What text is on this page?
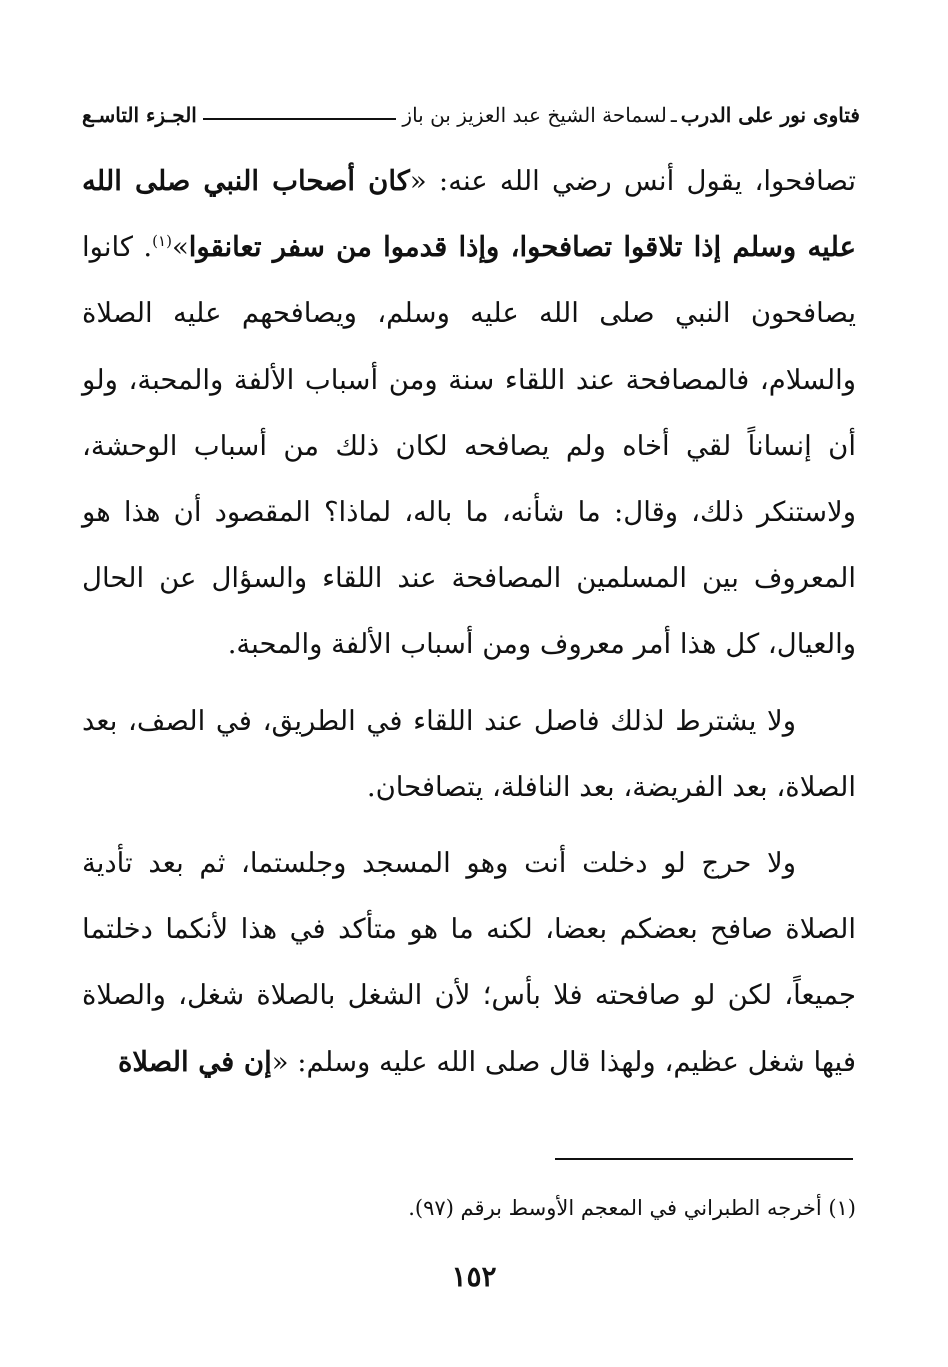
فتاوى نور على الدرب
ـ
لسماحة الشيخ عبد العزيز بن باز
الجـزء التاسـع

تصافحوا، يقول أنس رضي الله عنه: «كان أصحاب النبي صلى الله عليه وسلم إذا تلاقوا تصافحوا، وإذا قدموا من سفر تعانقوا»$^{(١)}$. كانوا يصافحون النبي صلى الله عليه وسلم، ويصافحهم عليه الصلاة والسلام، فالمصافحة عند اللقاء سنة ومن أسباب الألفة والمحبة، ولو أن إنساناً لقي أخاه ولم يصافحه لكان ذلك من أسباب الوحشة، ولاستنكر ذلك، وقال: ما شأنه، ما باله، لماذا؟ المقصود أن هذا هو المعروف بين المسلمين المصافحة عند اللقاء والسؤال عن الحال والعيال، كل هذا أمر معروف ومن أسباب الألفة والمحبة.

ولا يشترط لذلك فاصل عند اللقاء في الطريق، في الصف، بعد الصلاة، بعد الفريضة، بعد النافلة، يتصافحان.

ولا حرج لو دخلت أنت وهو المسجد وجلستما، ثم بعد تأدية الصلاة صافح بعضكم بعضا، لكنه ما هو متأكد في هذا لأنكما دخلتما جميعاً، لكن لو صافحته فلا بأس؛ لأن الشغل بالصلاة شغل، والصلاة فيها شغل عظيم، ولهذا قال صلى الله عليه وسلم: «إن في الصلاة

(١) أخرجه الطبراني في المعجم الأوسط برقم (٩٧).
١٥٢
